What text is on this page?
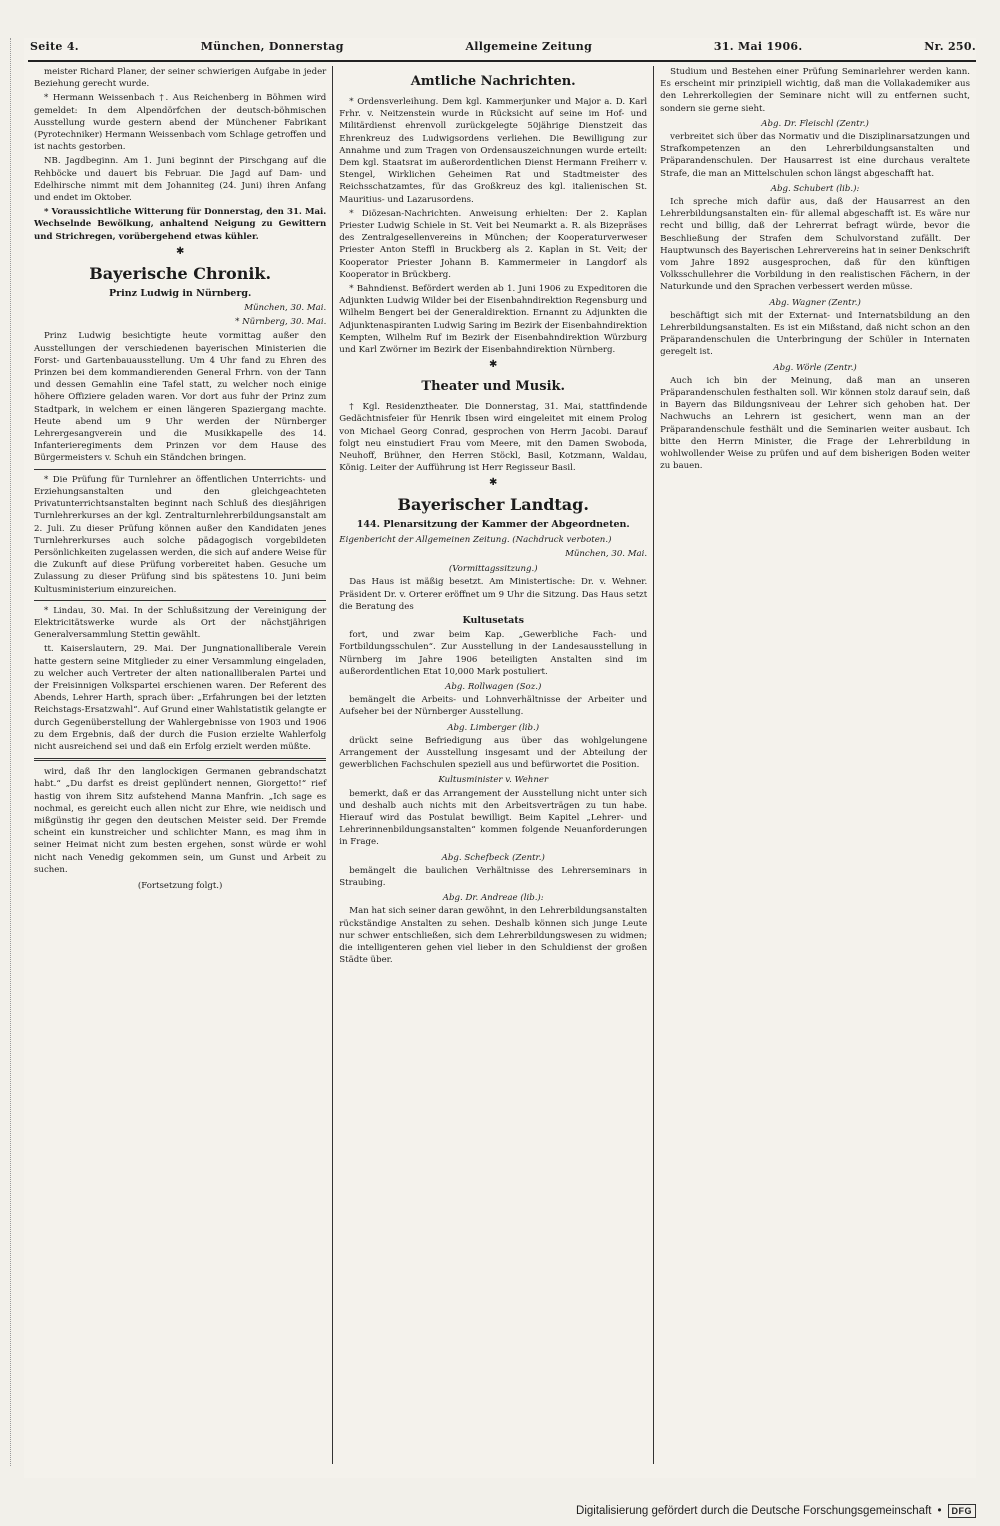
Seite 4.	München, Donnerstag	Allgemeine Zeitung	31. Mai 1906.	Nr. 250.

meister Richard Planer, der seiner schwierigen Aufgabe in jeder Beziehung gerecht wurde.

* Hermann Weissenbach †. Aus Reichenberg in Böhmen wird gemeldet: In dem Alpendörfchen der deutsch-böhmischen Ausstellung wurde gestern abend der Münchener Fabrikant (Pyrotechniker) Hermann Weissenbach vom Schlage getroffen und ist nachts gestorben.

NB. Jagdbeginn. Am 1. Juni beginnt der Pirschgang auf die Rehböcke und dauert bis Februar. Die Jagd auf Dam- und Edelhirsche nimmt mit dem Johanniteg (24. Juni) ihren Anfang und endet im Oktober.

* Voraussichtliche Witterung für Donnerstag, den 31. Mai. Wechselnde Bewölkung, anhaltend Neigung zu Gewittern und Strichregen, vorübergehend etwas kühler.

✱
Bayerische Chronik.
Prinz Ludwig in Nürnberg.
München, 30. Mai.
* Nürnberg, 30. Mai.

Prinz Ludwig besichtigte heute vormittag außer den Ausstellungen der verschiedenen bayerischen Ministerien die Forst- und Gartenbauausstellung. Um 4 Uhr fand zu Ehren des Prinzen bei dem kommandierenden General Frhrn. von der Tann und dessen Gemahlin eine Tafel statt, zu welcher noch einige höhere Offiziere geladen waren. Vor dort aus fuhr der Prinz zum Stadtpark, in welchem er einen längeren Spaziergang machte. Heute abend um 9 Uhr werden der Nürnberger Lehrergesangverein und die Musikkapelle des 14. Infanterieregiments dem Prinzen vor dem Hause des Bürgermeisters v. Schuh ein Ständchen bringen.

* Die Prüfung für Turnlehrer an öffentlichen Unterrichts- und Erziehungsanstalten und den gleichgeachteten Privatunterrichtsanstalten beginnt nach Schluß des diesjährigen Turnlehrerkurses an der kgl. Zentralturnlehrerbildungsanstalt am 2. Juli. Zu dieser Prüfung können außer den Kandidaten jenes Turnlehrerkurses auch solche pädagogisch vorgebildeten Persönlichkeiten zugelassen werden, die sich auf andere Weise für die Zukunft auf diese Prüfung vorbereitet haben. Gesuche um Zulassung zu dieser Prüfung sind bis spätestens 10. Juni beim Kultusministerium einzureichen.

* Lindau, 30. Mai. In der Schlußsitzung der Vereinigung der Elektricitätswerke wurde als Ort der nächstjährigen Generalversammlung Stettin gewählt.

tt. Kaiserslautern, 29. Mai. Der Jungnationalliberale Verein hatte gestern seine Mitglieder zu einer Versammlung eingeladen, zu welcher auch Vertreter der alten nationalliberalen Partei und der Freisinnigen Volkspartei erschienen waren. Der Referent des Abends, Lehrer Harth, sprach über: „Erfahrungen bei der letzten Reichstags-Ersatzwahl“. Auf Grund einer Wahlstatistik gelangte er durch Gegenüberstellung der Wahlergebnisse von 1903 und 1906 zu dem Ergebnis, daß der durch die Fusion erzielte Wahlerfolg nicht ausreichend sei und daß ein Erfolg erzielt werden müßte.

wird, daß Ihr den langlockigen Germanen gebrandschatzt habt.“ „Du darfst es dreist geplündert nennen, Giorgetto!“ rief hastig von ihrem Sitz aufstehend Manna Manfrin. „Ich sage es nochmal, es gereicht euch allen nicht zur Ehre, wie neidisch und mißgünstig ihr gegen den deutschen Meister seid. Der Fremde scheint ein kunstreicher und schlichter Mann, es mag ihm in seiner Heimat nicht zum besten ergehen, sonst würde er wohl nicht nach Venedig gekommen sein, um Gunst und Arbeit zu suchen.

(Fortsetzung folgt.)
Amtliche Nachrichten.

* Ordensverleihung. Dem kgl. Kammerjunker und Major a. D. Karl Frhr. v. Neitzenstein wurde in Rücksicht auf seine im Hof- und Militärdienst ehrenvoll zurückgelegte 50jährige Dienstzeit das Ehrenkreuz des Ludwigsordens verliehen. Die Bewilligung zur Annahme und zum Tragen von Ordensauszeichnungen wurde erteilt: Dem kgl. Staatsrat im außerordentlichen Dienst Hermann Freiherr v. Stengel, Wirklichen Geheimen Rat und Stadtmeister des Reichsschatzamtes, für das Großkreuz des kgl. italienischen St. Mauritius- und Lazarusordens.

* Diözesan-Nachrichten. Anweisung erhielten: Der 2. Kaplan Priester Ludwig Schiele in St. Veit bei Neumarkt a. R. als Bizepräses des Zentralgesellenvereins in München; der Kooperaturverweser Priester Anton Steffl in Bruckberg als 2. Kaplan in St. Veit; der Kooperator Priester Johann B. Kammermeier in Langdorf als Kooperator in Brückberg.

* Bahndienst. Befördert werden ab 1. Juni 1906 zu Expeditoren die Adjunkten Ludwig Wilder bei der Eisenbahndirektion Regensburg und Wilhelm Bengert bei der Generaldirektion. Ernannt zu Adjunkten die Adjunktenaspiranten Ludwig Saring im Bezirk der Eisenbahndirektion Kempten, Wilhelm Ruf im Bezirk der Eisenbahndirektion Würzburg und Karl Zwörner im Bezirk der Eisenbahndirektion Nürnberg.

✱
Theater und Musik.

† Kgl. Residenztheater. Die Donnerstag, 31. Mai, stattfindende Gedächtnisfeier für Henrik Ibsen wird eingeleitet mit einem Prolog von Michael Georg Conrad, gesprochen von Herrn Jacobi. Darauf folgt neu einstudiert Frau vom Meere, mit den Damen Swoboda, Neuhoff, Brühner, den Herren Stöckl, Basil, Kotzmann, Waldau, König. Leiter der Aufführung ist Herr Regisseur Basil.

✱
Bayerischer Landtag.
144. Plenarsitzung der Kammer der Abgeordneten.
Eigenbericht der Allgemeinen Zeitung. (Nachdruck verboten.)
München, 30. Mai.
(Vormittagssitzung.)

Das Haus ist mäßig besetzt. Am Ministertische: Dr. v. Wehner. Präsident Dr. v. Orterer eröffnet um 9 Uhr die Sitzung. Das Haus setzt die Beratung des

Kultusetats

fort, und zwar beim Kap. „Gewerbliche Fach- und Fortbildungsschulen“. Zur Ausstellung in der Landesausstellung in Nürnberg im Jahre 1906 beteiligten Anstalten sind im außerordentlichen Etat 10,000 Mark postuliert.

Abg. Rollwagen (Soz.)

bemängelt die Arbeits- und Lohnverhältnisse der Arbeiter und Aufseher bei der Nürnberger Ausstellung.

Abg. Limberger (lib.)

drückt seine Befriedigung aus über das wohlgelungene Arrangement der Ausstellung insgesamt und der Abteilung der gewerblichen Fachschulen speziell aus und befürwortet die Position.

Kultusminister v. Wehner

bemerkt, daß er das Arrangement der Ausstellung nicht unter sich und deshalb auch nichts mit den Arbeitsverträgen zu tun habe. Hierauf wird das Postulat bewilligt. Beim Kapitel „Lehrer- und Lehrerinnenbildungsanstalten“ kommen folgende Neuanforderungen in Frage.

Abg. Schefbeck (Zentr.)

bemängelt die baulichen Verhältnisse des Lehrerseminars in Straubing.

Abg. Dr. Andreae (lib.):

Man hat sich seiner daran gewöhnt, in den Lehrerbildungsanstalten rückständige Anstalten zu sehen. Deshalb können sich junge Leute nur schwer entschließen, sich dem Lehrerbildungswesen zu widmen; die intelligenteren gehen viel lieber in den Schuldienst der großen Städte über.

Studium und Bestehen einer Prüfung Seminarlehrer werden kann. Es erscheint mir prinzipiell wichtig, daß man die Vollakademiker aus den Lehrerkollegien der Seminare nicht will zu entfernen sucht, sondern sie gerne sieht.

Abg. Dr. Fleischl (Zentr.)

verbreitet sich über das Normativ und die Disziplinarsatzungen und Strafkompetenzen an den Lehrerbildungsanstalten und Präparandenschulen. Der Hausarrest ist eine durchaus veraltete Strafe, die man an Mittelschulen schon längst abgeschafft hat.

Abg. Schubert (lib.):

Ich spreche mich dafür aus, daß der Hausarrest an den Lehrerbildungsanstalten ein- für allemal abgeschafft ist. Es wäre nur recht und billig, daß der Lehrerrat befragt würde, bevor die Beschließung der Strafen dem Schulvorstand zufällt. Der Hauptwunsch des Bayerischen Lehrervereins hat in seiner Denkschrift vom Jahre 1892 ausgesprochen, daß für den künftigen Volksschullehrer die Vorbildung in den realistischen Fächern, in der Naturkunde und den Sprachen verbessert werden müsse.

Abg. Wagner (Zentr.)

beschäftigt sich mit der Externat- und Internatsbildung an den Lehrerbildungsanstalten. Es ist ein Mißstand, daß nicht schon an den Präparandenschulen die Unterbringung der Schüler in Internaten geregelt ist.

Abg. Wörle (Zentr.)

Auch ich bin der Meinung, daß man an unseren Präparandenschulen festhalten soll. Wir können stolz darauf sein, daß in Bayern das Bildungsniveau der Lehrer sich gehoben hat. Der Nachwuchs an Lehrern ist gesichert, wenn man an der Präparandenschule festhält und die Seminarien weiter ausbaut. Ich bitte den Herrn Minister, die Frage der Lehrerbildung in wohlwollender Weise zu prüfen und auf dem bisherigen Boden weiter zu bauen.

Digitalisierung gefördert durch die Deutsche Forschungsgemeinschaft •	DFG
